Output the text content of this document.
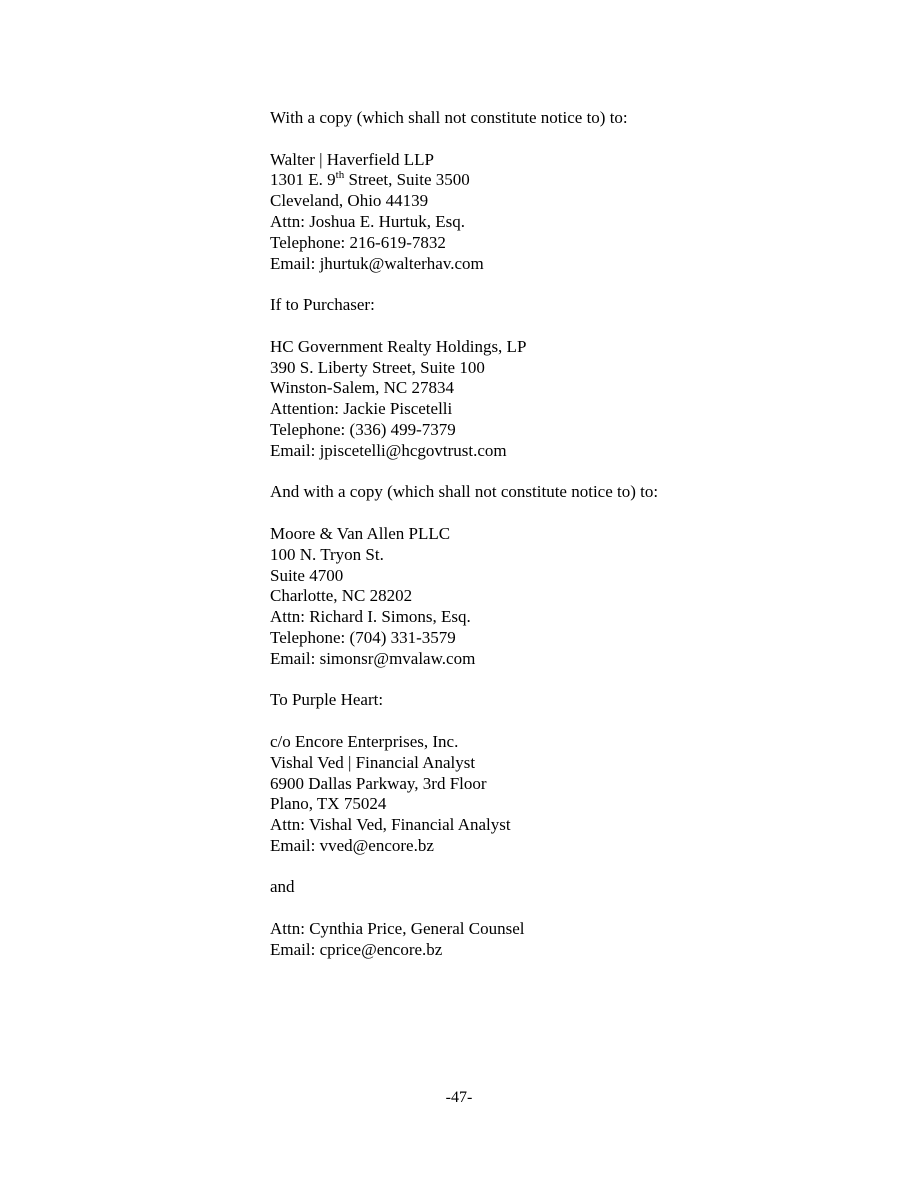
With a copy (which shall not constitute notice to) to:

Walter | Haverfield LLP

1301 E. 9th Street, Suite 3500

Cleveland, Ohio 44139

Attn: Joshua E. Hurtuk, Esq.

Telephone: 216-619-7832

Email: jhurtuk@walterhav.com

If to Purchaser:

HC Government Realty Holdings, LP

390 S. Liberty Street, Suite 100

Winston-Salem, NC 27834

Attention: Jackie Piscetelli

Telephone: (336) 499-7379

Email: jpiscetelli@hcgovtrust.com

And with a copy (which shall not constitute notice to) to:

Moore & Van Allen PLLC

100 N. Tryon St.

Suite 4700

Charlotte, NC 28202

Attn: Richard I. Simons, Esq.

Telephone: (704) 331-3579

Email: simonsr@mvalaw.com

To Purple Heart:

c/o Encore Enterprises, Inc.

Vishal Ved | Financial Analyst

6900 Dallas Parkway, 3rd Floor

Plano, TX 75024

Attn: Vishal Ved, Financial Analyst

Email: vved@encore.bz

and

Attn: Cynthia Price, General Counsel

Email: cprice@encore.bz

-47-
